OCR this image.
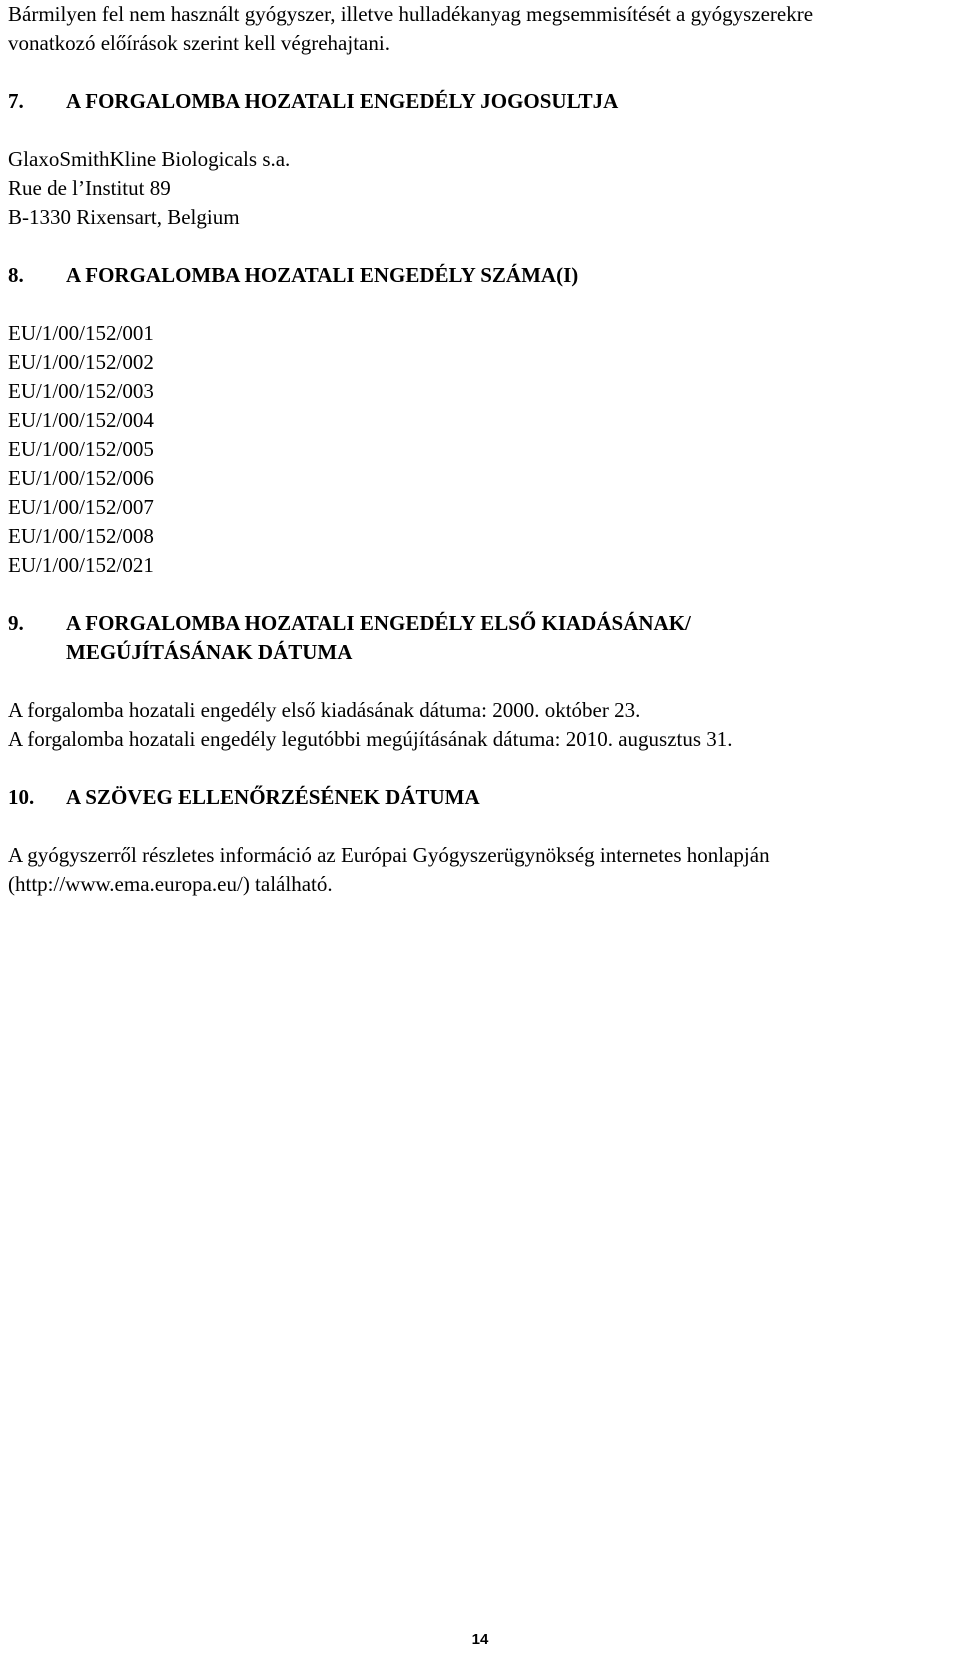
Bármilyen fel nem használt gyógyszer, illetve hulladékanyag megsemmisítését a gyógyszerekre
vonatkozó előírások szerint kell végrehajtani.
7.	A FORGALOMBA HOZATALI ENGEDÉLY JOGOSULTJA
GlaxoSmithKline Biologicals s.a.
Rue de l’Institut 89
B-1330 Rixensart, Belgium
8.	A FORGALOMBA HOZATALI ENGEDÉLY SZÁMA(I)
EU/1/00/152/001
EU/1/00/152/002
EU/1/00/152/003
EU/1/00/152/004
EU/1/00/152/005
EU/1/00/152/006
EU/1/00/152/007
EU/1/00/152/008
EU/1/00/152/021
9.	A FORGALOMBA HOZATALI ENGEDÉLY ELSŐ KIADÁSÁNAK/
MEGÚJÍTÁSÁNAK DÁTUMA
A forgalomba hozatali engedély első kiadásának dátuma: 2000. október 23.
A forgalomba hozatali engedély legutóbbi megújításának dátuma: 2010. augusztus 31.
10.	A SZÖVEG ELLENŐRZÉSÉNEK DÁTUMA
A gyógyszerről részletes információ az Európai Gyógyszerügynökség internetes honlapján
(http://www.ema.europa.eu/) található.
14
